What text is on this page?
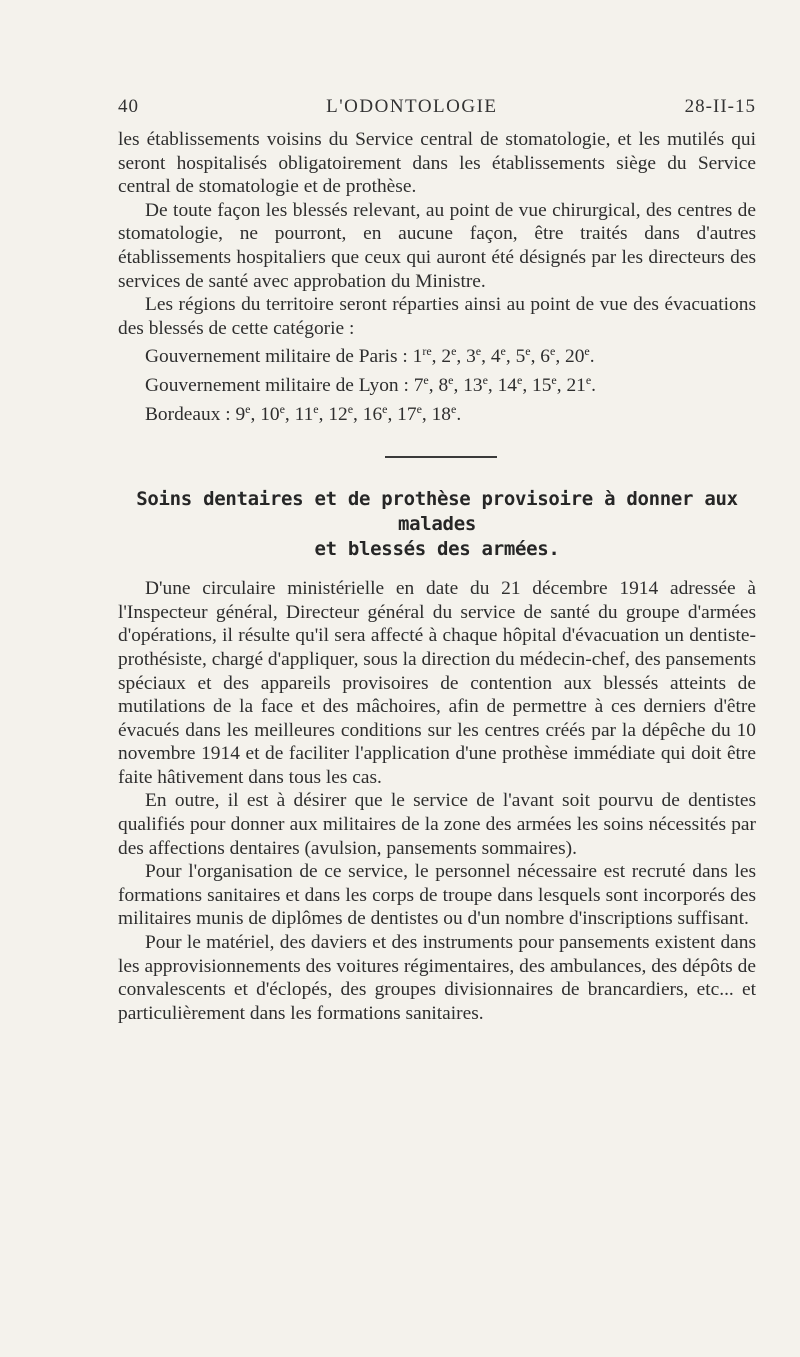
40	L'ODONTOLOGIE	28-II-15

les établissements voisins du Service central de stomatologie, et les mutilés qui seront hospitalisés obligatoirement dans les établissements siège du Service central de stomatologie et de prothèse.

De toute façon les blessés relevant, au point de vue chirurgical, des centres de stomatologie, ne pourront, en aucune façon, être traités dans d'autres établissements hospitaliers que ceux qui auront été désignés par les directeurs des services de santé avec approbation du Ministre.

Les régions du territoire seront réparties ainsi au point de vue des évacuations des blessés de cette catégorie :

Gouvernement militaire de Paris : 1re, 2e, 3e, 4e, 5e, 6e, 20e.

Gouvernement militaire de Lyon : 7e, 8e, 13e, 14e, 15e, 21e.

Bordeaux : 9e, 10e, 11e, 12e, 16e, 17e, 18e.

Soins dentaires et de prothèse provisoire à donner aux malades
et blessés des armées.

D'une circulaire ministérielle en date du 21 décembre 1914 adressée à l'Inspecteur général, Directeur général du service de santé du groupe d'armées d'opérations, il résulte qu'il sera affecté à chaque hôpital d'évacuation un dentiste-prothésiste, chargé d'appliquer, sous la direction du médecin-chef, des pansements spéciaux et des appareils provisoires de contention aux blessés atteints de mutilations de la face et des mâchoires, afin de permettre à ces derniers d'être évacués dans les meilleures conditions sur les centres créés par la dépêche du 10 novembre 1914 et de faciliter l'application d'une prothèse immédiate qui doit être faite hâtivement dans tous les cas.

En outre, il est à désirer que le service de l'avant soit pourvu de dentistes qualifiés pour donner aux militaires de la zone des armées les soins nécessités par des affections dentaires (avulsion, pansements sommaires).

Pour l'organisation de ce service, le personnel nécessaire est recruté dans les formations sanitaires et dans les corps de troupe dans lesquels sont incorporés des militaires munis de diplômes de dentistes ou d'un nombre d'inscriptions suffisant.

Pour le matériel, des daviers et des instruments pour pansements existent dans les approvisionnements des voitures régimentaires, des ambulances, des dépôts de convalescents et d'éclopés, des groupes divisionnaires de brancardiers, etc... et particulièrement dans les formations sanitaires.
